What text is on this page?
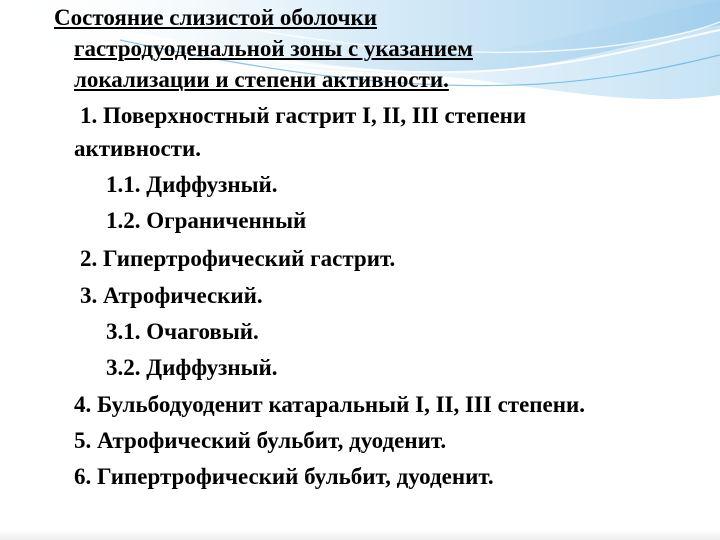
Состояние слизистой оболочки
гастродуоденальной зоны с указанием
локализации и степени активности.
1. Поверхностный гастрит I, II, III степени
активности.
1.1. Диффузный.
1.2. Ограниченный
2. Гипертрофический гастрит.
3. Атрофический.
3.1. Очаговый.
3.2. Диффузный.
4. Бульбодуоденит катаральный I, II, III степени.
5. Атрофический бульбит, дуоденит.
6. Гипертрофический бульбит, дуоденит.
